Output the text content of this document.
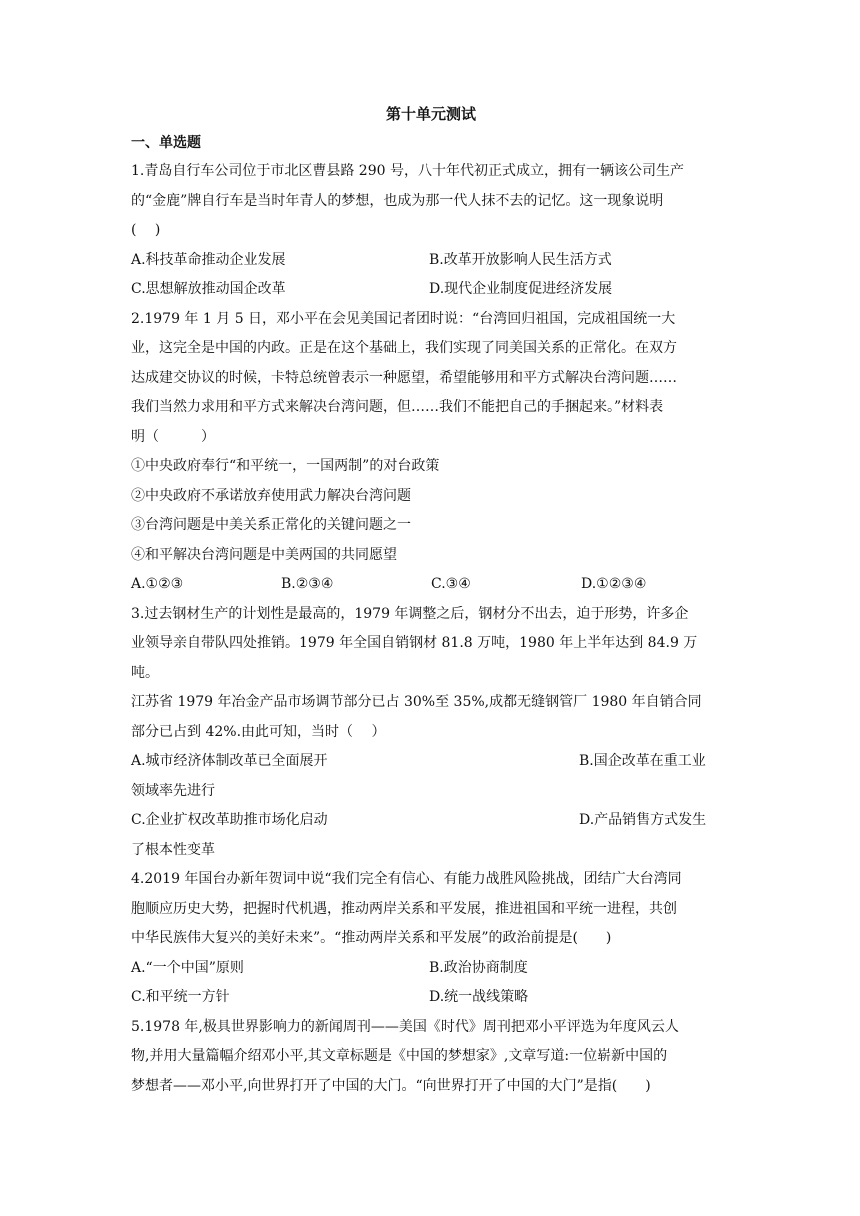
第十单元测试

一、单选题

1.青岛自行车公司位于市北区曹县路 290 号，八十年代初正式成立，拥有一辆该公司生产

的“金鹿”牌自行车是当时年青人的梦想，也成为那一代人抹不去的记忆。这一现象说明

(　 )

A.科技革命推动企业发展	B.改革开放影响人民生活方式
C.思想解放推动国企改革	D.现代企业制度促进经济发展

2.1979 年 1 月 5 日，邓小平在会见美国记者团时说：“台湾回归祖国，完成祖国统一大

业，这完全是中国的内政。正是在这个基础上，我们实现了同美国关系的正常化。在双方

达成建交协议的时候，卡特总统曾表示一种愿望，希望能够用和平方式解决台湾问题……

我们当然力求用和平方式来解决台湾问题，但……我们不能把自己的手捆起来。”材料表

明（　　　）

①中央政府奉行“和平统一，一国两制”的对台政策

②中央政府不承诺放弃使用武力解决台湾问题

③台湾问题是中美关系正常化的关键问题之一

④和平解决台湾问题是中美两国的共同愿望

A.①②③	B.②③④	C.③④	D.①②③④

3.过去钢材生产的计划性是最高的，1979 年调整之后，钢材分不出去，迫于形势，许多企

业领导亲自带队四处推销。1979 年全国自销钢材 81.8 万吨，1980 年上半年达到 84.9 万

吨。

江苏省 1979 年冶金产品市场调节部分已占 30%至 35%,成都无缝钢管厂 1980 年自销合同

部分已占到 42%.由此可知，当时（　 ）

A.城市经济体制改革已全面展开	B.国企改革在重工业

领域率先进行

C.企业扩权改革助推市场化启动	D.产品销售方式发生

了根本性变革

4.2019 年国台办新年贺词中说“我们完全有信心、有能力战胜风险挑战，团结广大台湾同

胞顺应历史大势，把握时代机遇，推动两岸关系和平发展，推进祖国和平统一进程，共创

中华民族伟大复兴的美好未来”。“推动两岸关系和平发展”的政治前提是(　　)

A.“一个中国”原则	B.政治协商制度
C.和平统一方针	D.统一战线策略

5.1978 年,极具世界影响力的新闻周刊——美国《时代》周刊把邓小平评选为年度风云人

物,并用大量篇幅介绍邓小平,其文章标题是《中国的梦想家》,文章写道:一位崭新中国的

梦想者——邓小平,向世界打开了中国的大门。“向世界打开了中国的大门”是指(　　)
